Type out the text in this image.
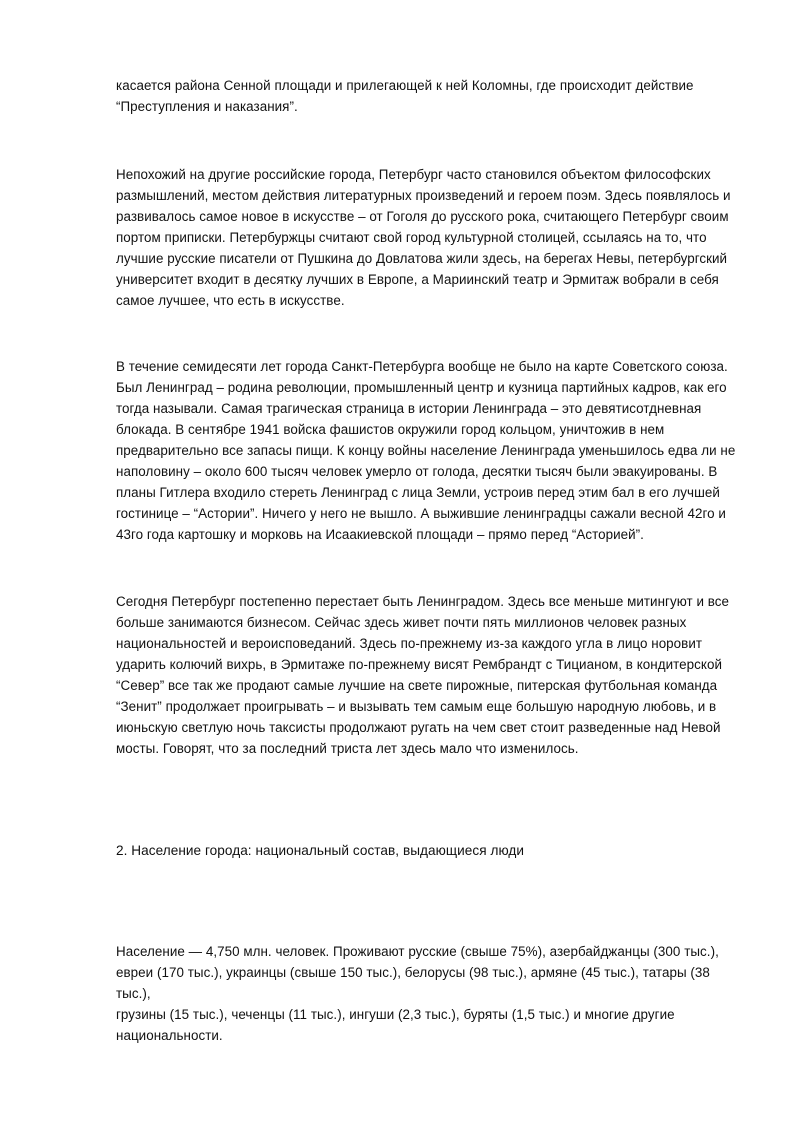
касается района Сенной площади и прилегающей к ней Коломны, где происходит действие
“Преступления и наказания”.

Непохожий на другие российские города, Петербург часто становился объектом философских
размышлений, местом действия литературных произведений и героем поэм. Здесь появлялось и
развивалось самое новое в искусстве – от Гоголя до русского рока, считающего Петербург своим
портом приписки. Петербуржцы считают свой город культурной столицей, ссылаясь на то, что
лучшие русские писатели от Пушкина до Довлатова жили здесь, на берегах Невы, петербургский
университет входит в десятку лучших в Европе, а Мариинский театр и Эрмитаж вобрали в себя
самое лучшее, что есть в искусстве.

В течение семидесяти лет города Санкт-Петербурга вообще не было на карте Советского союза.
Был Ленинград – родина революции, промышленный центр и кузница партийных кадров, как его
тогда называли. Самая трагическая страница в истории Ленинграда – это девятисотдневная
блокада. В сентябре 1941 войска фашистов окружили город кольцом, уничтожив в нем
предварительно все запасы пищи. К концу войны население Ленинграда уменьшилось едва ли не
наполовину – около 600 тысяч человек умерло от голода, десятки тысяч были эвакуированы. В
планы Гитлера входило стереть Ленинград с лица Земли, устроив перед этим бал в его лучшей
гостинице – “Астории”. Ничего у него не вышло. А выжившие ленинградцы сажали весной 42го и
43го года картошку и морковь на Исаакиевской площади – прямо перед “Асторией”.

Сегодня Петербург постепенно перестает быть Ленинградом. Здесь все меньше митингуют и все
больше занимаются бизнесом. Сейчас здесь живет почти пять миллионов человек разных
национальностей и вероисповеданий. Здесь по-прежнему из-за каждого угла в лицо норовит
ударить колючий вихрь, в Эрмитаже по-прежнему висят Рембрандт с Тицианом, в кондитерской
“Север” все так же продают самые лучшие на свете пирожные, питерская футбольная команда
“Зенит” продолжает проигрывать – и вызывать тем самым еще большую народную любовь, и в
июньскую светлую ночь таксисты продолжают ругать на чем свет стоит разведенные над Невой
мосты. Говорят, что за последний триста лет здесь мало что изменилось.

2. Население города: национальный состав, выдающиеся люди

Население — 4,750 млн. человек. Проживают русские (свыше 75%), азербайджанцы (300 тыс.),
евреи (170 тыс.), украинцы (свыше 150 тыс.), белорусы (98 тыс.), армяне (45 тыс.), татары (38 тыс.),
грузины (15 тыс.), чеченцы (11 тыс.), ингуши (2,3 тыс.), буряты (1,5 тыс.) и многие другие
национальности.
